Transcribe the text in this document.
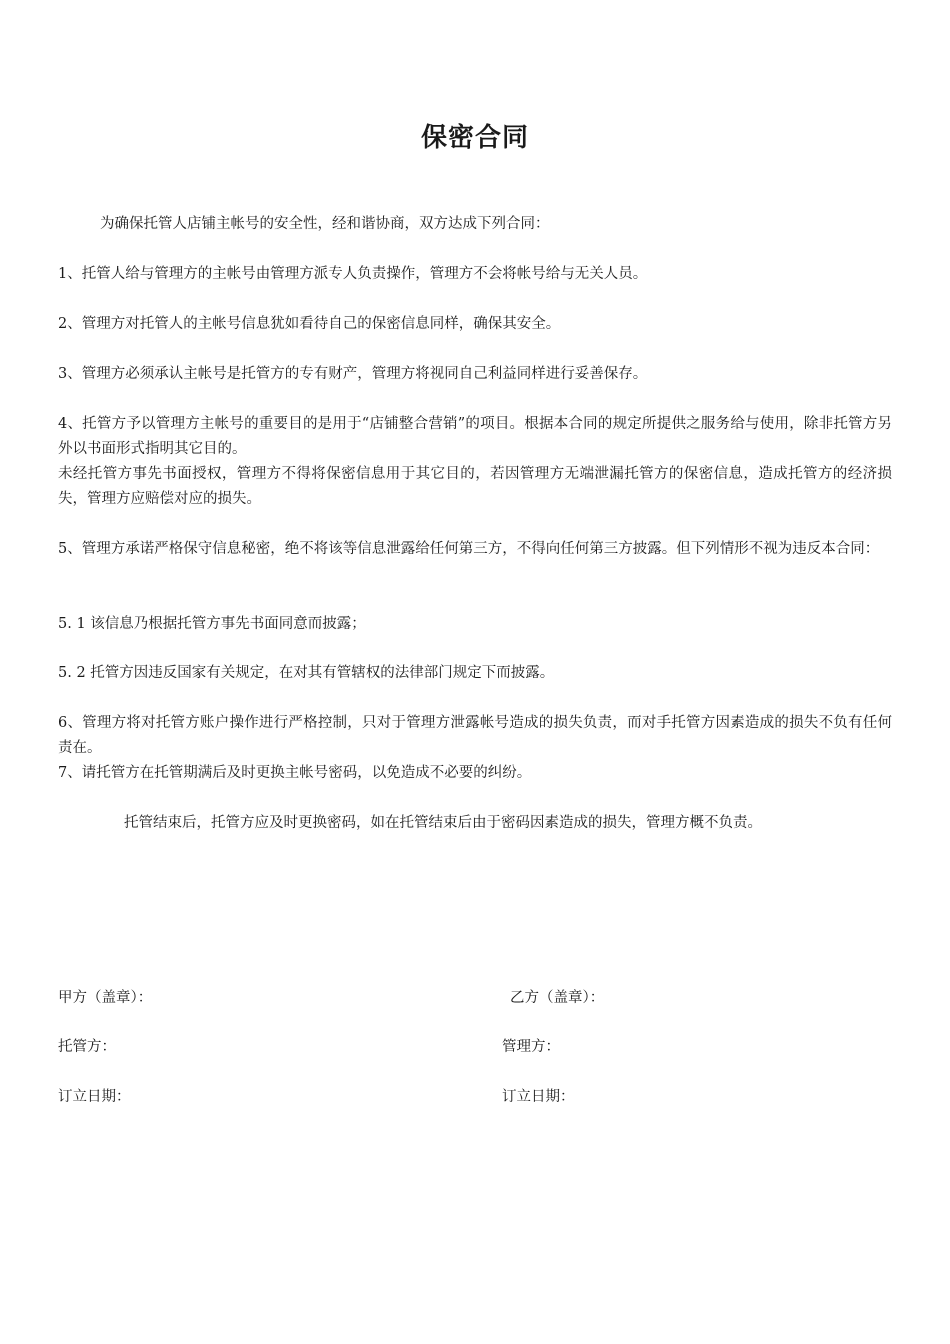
保密合同
为确保托管人店铺主帐号的安全性，经和谐协商，双方达成下列合同：
1、托管人给与管理方的主帐号由管理方派专人负责操作，管理方不会将帐号给与无关人员。
2、管理方对托管人的主帐号信息犹如看待自己的保密信息同样，确保其安全。
3、管理方必须承认主帐号是托管方的专有财产，管理方将视同自己利益同样进行妥善保存。
4、托管方予以管理方主帐号的重要目的是用于“店铺整合营销”的项目。根据本合同的规定所提供之服务给与使用，除非托管方另外以书面形式指明其它目的。
未经托管方事先书面授权，管理方不得将保密信息用于其它目的，若因管理方无端泄漏托管方的保密信息，造成托管方的经济损失，管理方应赔偿对应的损失。
5、管理方承诺严格保守信息秘密，绝不将该等信息泄露给任何第三方，不得向任何第三方披露。但下列情形不视为违反本合同：
5. 1 该信息乃根据托管方事先书面同意而披露；
5. 2 托管方因违反国家有关规定，在对其有管辖权的法律部门规定下而披露。
6、管理方将对托管方账户操作进行严格控制，只对于管理方泄露帐号造成的损失负责，而对手托管方因素造成的损失不负有任何责在。
7、请托管方在托管期满后及时更换主帐号密码，以免造成不必要的纠纷。
托管结束后，托管方应及时更换密码，如在托管结束后由于密码因素造成的损失，管理方概不负责。
甲方（盖章）：	乙方（盖章）：
托管方：	管理方：
订立日期：	订立日期：
